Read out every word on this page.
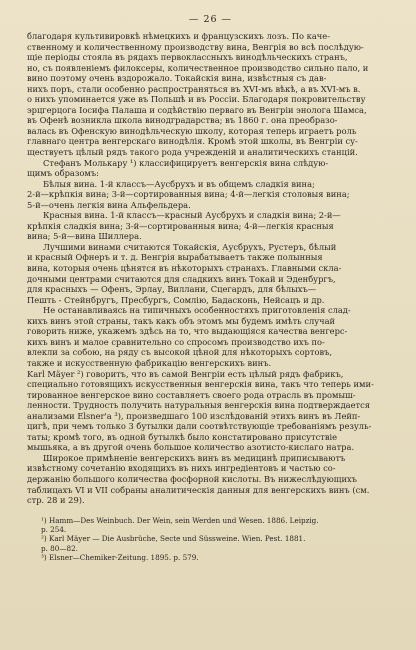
— 26 —

благодаря культивировкѣ нѣмецкихъ и французскихъ лозъ. По каче-

ственному и количественному производству вина, Венгрія во всѣ послѣдую-

щіе періоды стояла въ рядахъ первоклассныхъ винодѣльческихъ странъ,

но, съ появленіемъ филоксеры, количественное производство сильно пало, и

вино поэтому очень вздорожало. Токайскія вина, извѣстныя съ дав-

нихъ поръ, стали особенно распространяться въ XVI-мъ вѣкѣ, а въ XVI-мъ в.

о нихъ упоминается уже въ Польшѣ и въ Россіи. Благодаря покровительству

эрцгерцога Іосифа Палаша и содѣйствію перваго въ Венгріи энолога Шамса,

въ Офенѣ возникла школа винодградарства; въ 1860 г. она преобразо-

валась въ Офенскую винодѣльческую школу, которая теперь играетъ роль

главнаго центра венгерскаго винодѣлія. Кромѣ этой школы, въ Венгріи су-

ществуетъ цѣлый рядъ такого рода учрежденій и аналитическихъ станцій.

Стефанъ Молькару ¹) классифицируетъ венгерскія вина слѣдую-

щимъ образомъ:

Бѣлыя вина. 1-й классъ—Аусбрухъ и въ общемъ сладкія вина;

2-й—крѣпкія вина; 3-й—сортированныя вина; 4-й—легкія столовыя вина;

5-й—очень легкія вина Альфельдера.

Красныя вина. 1-й классъ—красный Аусбрухъ и сладкія вина; 2-й—

крѣпкія сладкія вина; 3-й—сортированныя вина; 4-й—легкія красныя

вина; 5-й—вина Шиллера.

Лучшими винами считаются Токайскія, Аусбрухъ, Рустеръ, бѣлый

и красный Офнеръ и т. д. Венгрія вырабатываетъ также полынныя

вина, которыя очень цѣнятся въ нѣкоторыхъ странахъ. Главными скла-

дочными центрами считаются для сладкихъ винъ Токай и Эденбургъ,

для красныхъ — Офенъ, Эрлау, Виллани, Сцегардъ, для бѣлыхъ—

Пешть - Стейнбругъ, Пресбургъ, Сомлію, Бадасконь, Нейсацъ и др.

Не останавливаясь на типичныхъ особенностяхъ приготовленія слад-

кихъ винъ этой страны, такъ какъ объ этомъ мы будемъ имѣть случай

говорить ниже, укажемъ здѣсь на то, что выдающіяся качества венгерс-

кихъ винъ и малое сравнительно со спросомъ производство ихъ по-

влекли за собою, на ряду съ высокой цѣной для нѣкоторыхъ сортовъ,

также и искусственную фабрикацію венгерскихъ винъ.

Karl Mäyer ²) говоритъ, что въ самой Венгріи есть цѣлый рядъ фабрикъ,

специально готовящихъ искусственныя венгерскія вина, такъ что теперь ими-

тированное венгерское вино составляетъ своего рода отрасль въ промыш-

ленности. Трудность получить натуральныя венгерскія вина подтверждается

анализами Elsner'а ³), произведшаго 100 изслѣдованій этихъ винъ въ Лейп-

цигѣ, при чемъ только 3 бутылки дали соотвѣтствующіе требованіямъ резуль-

таты; кромѣ того, въ одной бутылкѣ было констатировано присутствіе

мышьяка, а въ другой очень большое количество азотисто-кислаго натра.

Широкое примѣненіе венгерскихъ винъ въ медицинѣ приписываютъ

извѣстному сочетанію входящихъ въ нихъ ингредіентовъ и частью со-

держанію большого количества фосфорной кислоты. Въ нижеслѣдующихъ

таблицахъ VI и VII собраны аналитическія данныя для венгерскихъ винъ (см.

стр. 28 и 29).

¹) Hamm—Des Weinbuch. Der Wein, sein Werden und Wesen. 1886. Leipzig.

p. 254.

²) Karl Mäyer — Die Ausbrüche, Secte und Süssweine. Wien. Pest. 1881.

p. 80—82.

³) Elsner—Chemiker-Zeitung. 1895. p. 579.
